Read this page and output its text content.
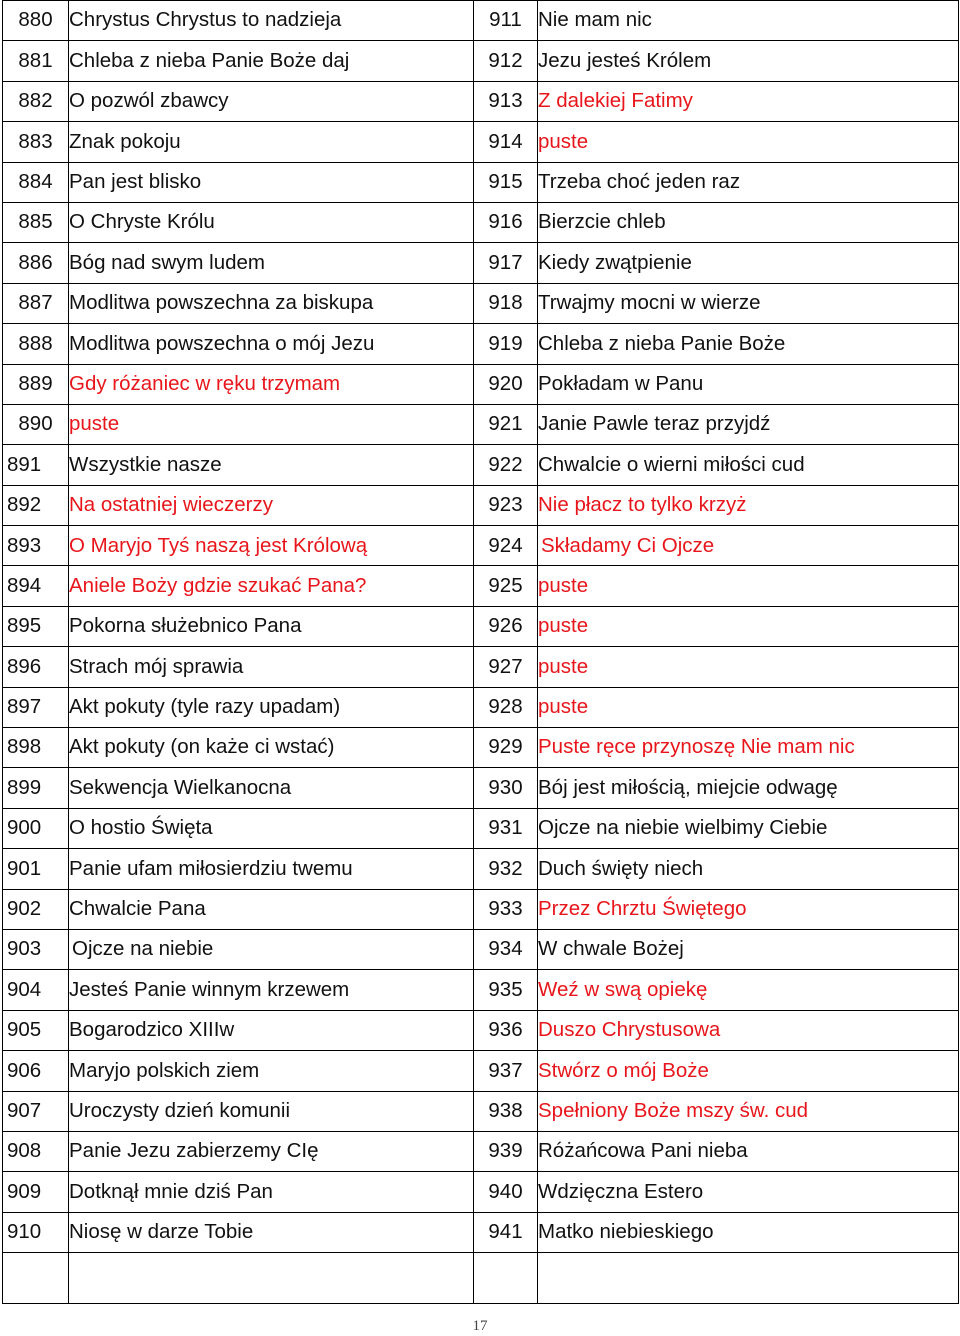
880	Chrystus Chrystus to nadzieja	911	Nie mam nic
881	Chleba z nieba Panie Boże daj	912	Jezu jesteś Królem
882	O pozwól zbawcy	913	Z dalekiej Fatimy
883	Znak pokoju	914	puste
884	Pan jest blisko	915	Trzeba choć jeden raz
885	O Chryste Królu	916	Bierzcie chleb
886	Bóg nad swym ludem	917	Kiedy zwątpienie
887	Modlitwa powszechna za biskupa	918	Trwajmy mocni w wierze
888	Modlitwa powszechna o mój Jezu	919	Chleba z nieba Panie Boże
889	Gdy różaniec w ręku trzymam	920	Pokładam w Panu
890	puste	921	Janie Pawle teraz przyjdź
891	Wszystkie nasze	922	Chwalcie o wierni miłości cud
892	Na ostatniej wieczerzy	923	Nie płacz to tylko krzyż
893	O Maryjo Tyś naszą jest Królową	924	Składamy Ci Ojcze
894	Aniele Boży gdzie szukać Pana?	925	puste
895	Pokorna służebnico Pana	926	puste
896	Strach mój sprawia	927	puste
897	Akt pokuty (tyle razy upadam)	928	puste
898	Akt pokuty (on każe ci wstać)	929	Puste ręce przynoszę Nie mam nic
899	Sekwencja Wielkanocna	930	Bój jest miłością, miejcie odwagę
900	O hostio Święta	931	Ojcze na niebie wielbimy Ciebie
901	Panie ufam miłosierdziu twemu	932	Duch święty niech
902	Chwalcie Pana	933	Przez Chrztu Świętego
903	Ojcze na niebie	934	W chwale Bożej
904	Jesteś Panie winnym krzewem	935	Weź w swą opiekę
905	Bogarodzico XIIIw	936	Duszo Chrystusowa
906	Maryjo polskich ziem	937	Stwórz o mój Boże
907	Uroczysty dzień komunii	938	Spełniony Boże mszy św. cud
908	Panie Jezu zabierzemy CIę	939	Różańcowa Pani nieba
909	Dotknął mnie dziś Pan	940	Wdzięczna Estero
910	Niosę w darze Tobie	941	Matko niebieskiego

17
